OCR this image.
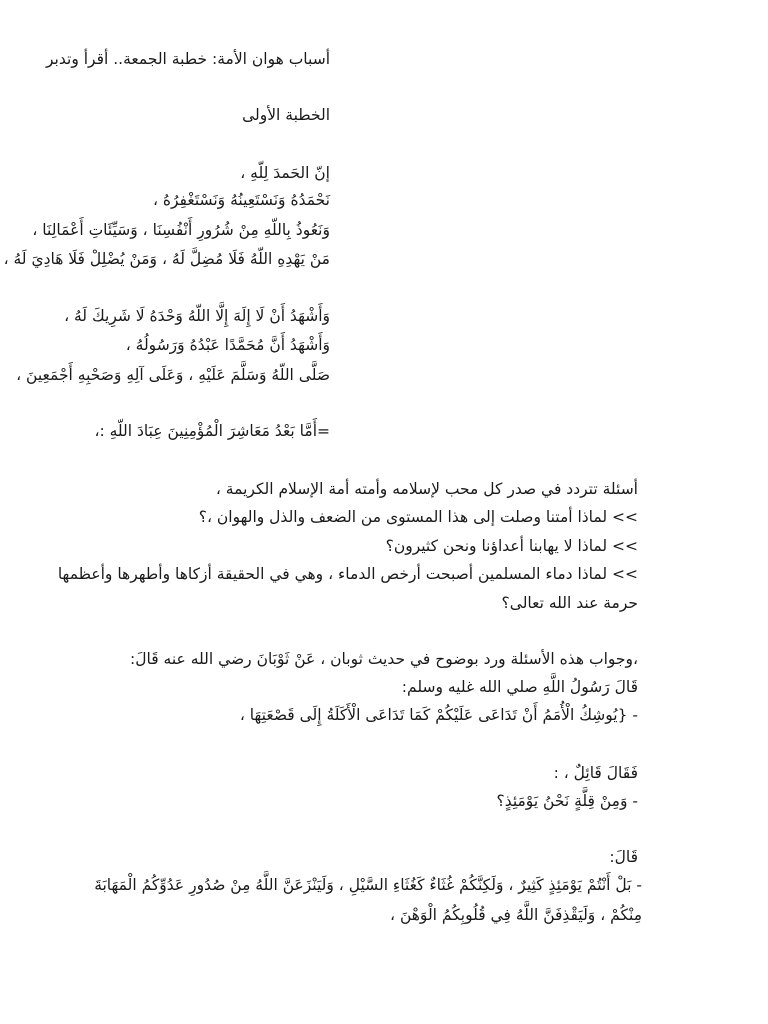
أسباب هوان الأمة: خطبة الجمعة.. أقرأ وتدبر
الخطبة الأولى
إنّ الحَمدَ لِلّهِ ،
نَحْمَدُهُ وَنَسْتَعِينُهُ وَنَسْتَغْفِرُهُ ،
وَنَعُوذُ بِاللّهِ مِنْ شُرُورِ أَنْفُسِنَا ، وَسَيِّئَاتِ أَعْمَالِنَا ،
مَنْ يَهْدِهِ اللّهُ فَلَا مُضِلَّ لَهُ ، وَمَنْ يُضْلِلْ فَلَا هَادِيَ لَهُ ،
وَأَشْهَدُ أَنْ لَا إِلَهَ إِلَّا اللّهُ وَحْدَهُ لَا شَرِيكَ لَهُ ،
وَأَشْهَدُ أَنَّ مُحَمَّدًا عَبْدُهُ وَرَسُولُهُ ،
صَلَّى اللّهُ وَسَلَّمَ عَلَيْهِ ، وَعَلَى آلِهِ وَصَحْبِهِ أَجْمَعِينَ ،
=أَمَّا بَعْدُ مَعَاشِرَ الْمُؤْمِنِينَ عِبَادَ اللّهِ :،
أسئلة تتردد في صدر كل محب لإسلامه وأمته أمة الإسلام الكريمة ،
>> لماذا أمتنا وصلت إلى هذا المستوى من الضعف والذل والهوان ،؟
>> لماذا لا يهابنا أعداؤنا ونحن كثيرون؟
>> لماذا دماء المسلمين أصبحت أرخص الدماء ، وهي في الحقيقة أزكاها وأطهرها وأعظمها
حرمة عند الله تعالى؟
،وجواب هذه الأسئلة ورد بوضوح في حديث ثوبان ، عَنْ ثَوْبَانَ رضي الله عنه قَالَ:
قَالَ رَسُولُ اللَّهِ صلي الله غليه وسلم:
- {يُوشِكُ الْأُمَمُ أَنْ تَدَاعَى عَلَيْكُمْ كَمَا تَدَاعَى الْأَكَلَةُ إِلَى قَصْعَتِهَا ،
فَقَالَ قَائِلٌ ، :
- وَمِنْ قِلَّةٍ نَحْنُ يَوْمَئِذٍ؟
قَالَ:
- بَلْ أَنْتُمْ يَوْمَئِذٍ كَثِيرٌ ، وَلَكِنَّكُمْ غُثَاءٌ كَغُثَاءِ السَّيْلِ ، وَلَيَنْزَعَنَّ اللَّهُ مِنْ صُدُورِ عَدُوِّكُمُ الْمَهَابَةَ
مِنْكُمْ ، وَلَيَقْذِفَنَّ اللَّهُ فِي قُلُوبِكُمُ الْوَهْنَ ،
